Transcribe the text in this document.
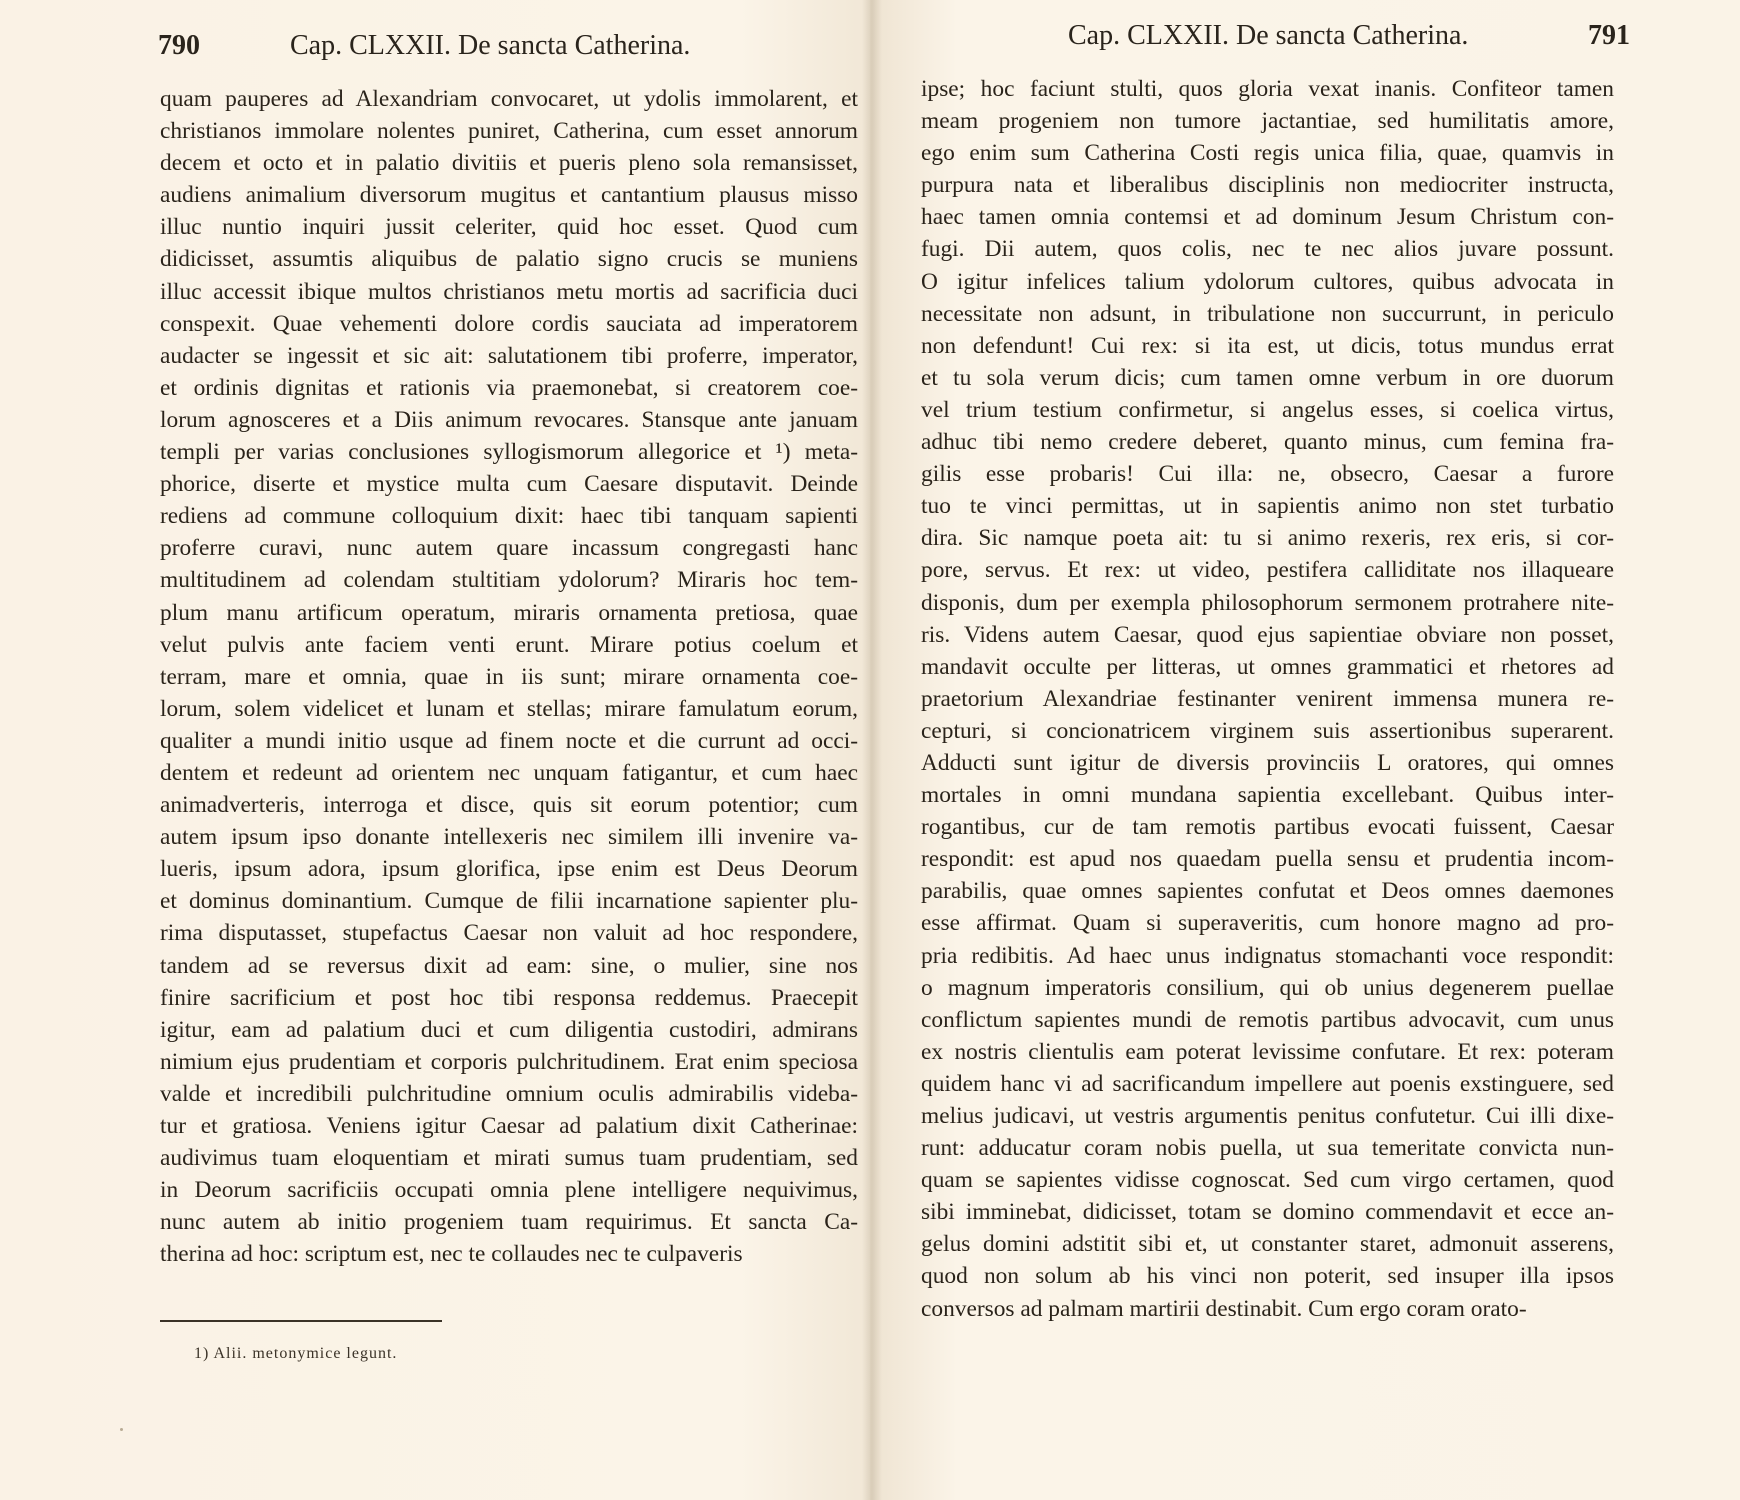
790	Cap. CLXXII. De sancta Catherina.
quam pauperes ad Alexandriam convocaret, ut ydolis immolarent, et
christianos immolare nolentes puniret, Catherina, cum esset annorum
decem et octo et in palatio divitiis et pueris pleno sola remansisset,
audiens animalium diversorum mugitus et cantantium plausus misso
illuc nuntio inquiri jussit celeriter, quid hoc esset. Quod cum
didicisset, assumtis aliquibus de palatio signo crucis se muniens
illuc accessit ibique multos christianos metu mortis ad sacrificia duci
conspexit. Quae vehementi dolore cordis sauciata ad imperatorem
audacter se ingessit et sic ait: salutationem tibi proferre, imperator,
et ordinis dignitas et rationis via praemonebat, si creatorem coe-
lorum agnosceres et a Diis animum revocares. Stansque ante januam
templi per varias conclusiones syllogismorum allegorice et ¹) meta-
phorice, diserte et mystice multa cum Caesare disputavit. Deinde
rediens ad commune colloquium dixit: haec tibi tanquam sapienti
proferre curavi, nunc autem quare incassum congregasti hanc
multitudinem ad colendam stultitiam ydolorum? Miraris hoc tem-
plum manu artificum operatum, miraris ornamenta pretiosa, quae
velut pulvis ante faciem venti erunt. Mirare potius coelum et
terram, mare et omnia, quae in iis sunt; mirare ornamenta coe-
lorum, solem videlicet et lunam et stellas; mirare famulatum eorum,
qualiter a mundi initio usque ad finem nocte et die currunt ad occi-
dentem et redeunt ad orientem nec unquam fatigantur, et cum haec
animadverteris, interroga et disce, quis sit eorum potentior; cum
autem ipsum ipso donante intellexeris nec similem illi invenire va-
lueris, ipsum adora, ipsum glorifica, ipse enim est Deus Deorum
et dominus dominantium. Cumque de filii incarnatione sapienter plu-
rima disputasset, stupefactus Caesar non valuit ad hoc respondere,
tandem ad se reversus dixit ad eam: sine, o mulier, sine nos
finire sacrificium et post hoc tibi responsa reddemus. Praecepit
igitur, eam ad palatium duci et cum diligentia custodiri, admirans
nimium ejus prudentiam et corporis pulchritudinem. Erat enim speciosa
valde et incredibili pulchritudine omnium oculis admirabilis videba-
tur et gratiosa. Veniens igitur Caesar ad palatium dixit Catherinae:
audivimus tuam eloquentiam et mirati sumus tuam prudentiam, sed
in Deorum sacrificiis occupati omnia plene intelligere nequivimus,
nunc autem ab initio progeniem tuam requirimus. Et sancta Ca-
therina ad hoc: scriptum est, nec te collaudes nec te culpaveris
1) Alii. metonymice legunt.
Cap. CLXXII. De sancta Catherina.	791
ipse; hoc faciunt stulti, quos gloria vexat inanis. Confiteor tamen
meam progeniem non tumore jactantiae, sed humilitatis amore,
ego enim sum Catherina Costi regis unica filia, quae, quamvis in
purpura nata et liberalibus disciplinis non mediocriter instructa,
haec tamen omnia contemsi et ad dominum Jesum Christum con-
fugi. Dii autem, quos colis, nec te nec alios juvare possunt.
O igitur infelices talium ydolorum cultores, quibus advocata in
necessitate non adsunt, in tribulatione non succurrunt, in periculo
non defendunt! Cui rex: si ita est, ut dicis, totus mundus errat
et tu sola verum dicis; cum tamen omne verbum in ore duorum
vel trium testium confirmetur, si angelus esses, si coelica virtus,
adhuc tibi nemo credere deberet, quanto minus, cum femina fra-
gilis esse probaris! Cui illa: ne, obsecro, Caesar a furore
tuo te vinci permittas, ut in sapientis animo non stet turbatio
dira. Sic namque poeta ait: tu si animo rexeris, rex eris, si cor-
pore, servus. Et rex: ut video, pestifera calliditate nos illaqueare
disponis, dum per exempla philosophorum sermonem protrahere nite-
ris. Videns autem Caesar, quod ejus sapientiae obviare non posset,
mandavit occulte per litteras, ut omnes grammatici et rhetores ad
praetorium Alexandriae festinanter venirent immensa munera re-
cepturi, si concionatricem virginem suis assertionibus superarent.
Adducti sunt igitur de diversis provinciis L oratores, qui omnes
mortales in omni mundana sapientia excellebant. Quibus inter-
rogantibus, cur de tam remotis partibus evocati fuissent, Caesar
respondit: est apud nos quaedam puella sensu et prudentia incom-
parabilis, quae omnes sapientes confutat et Deos omnes daemones
esse affirmat. Quam si superaveritis, cum honore magno ad pro-
pria redibitis. Ad haec unus indignatus stomachanti voce respondit:
o magnum imperatoris consilium, qui ob unius degenerem puellae
conflictum sapientes mundi de remotis partibus advocavit, cum unus
ex nostris clientulis eam poterat levissime confutare. Et rex: poteram
quidem hanc vi ad sacrificandum impellere aut poenis exstinguere, sed
melius judicavi, ut vestris argumentis penitus confutetur. Cui illi dixe-
runt: adducatur coram nobis puella, ut sua temeritate convicta nun-
quam se sapientes vidisse cognoscat. Sed cum virgo certamen, quod
sibi imminebat, didicisset, totam se domino commendavit et ecce an-
gelus domini adstitit sibi et, ut constanter staret, admonuit asserens,
quod non solum ab his vinci non poterit, sed insuper illa ipsos
conversos ad palmam martirii destinabit. Cum ergo coram orato-
